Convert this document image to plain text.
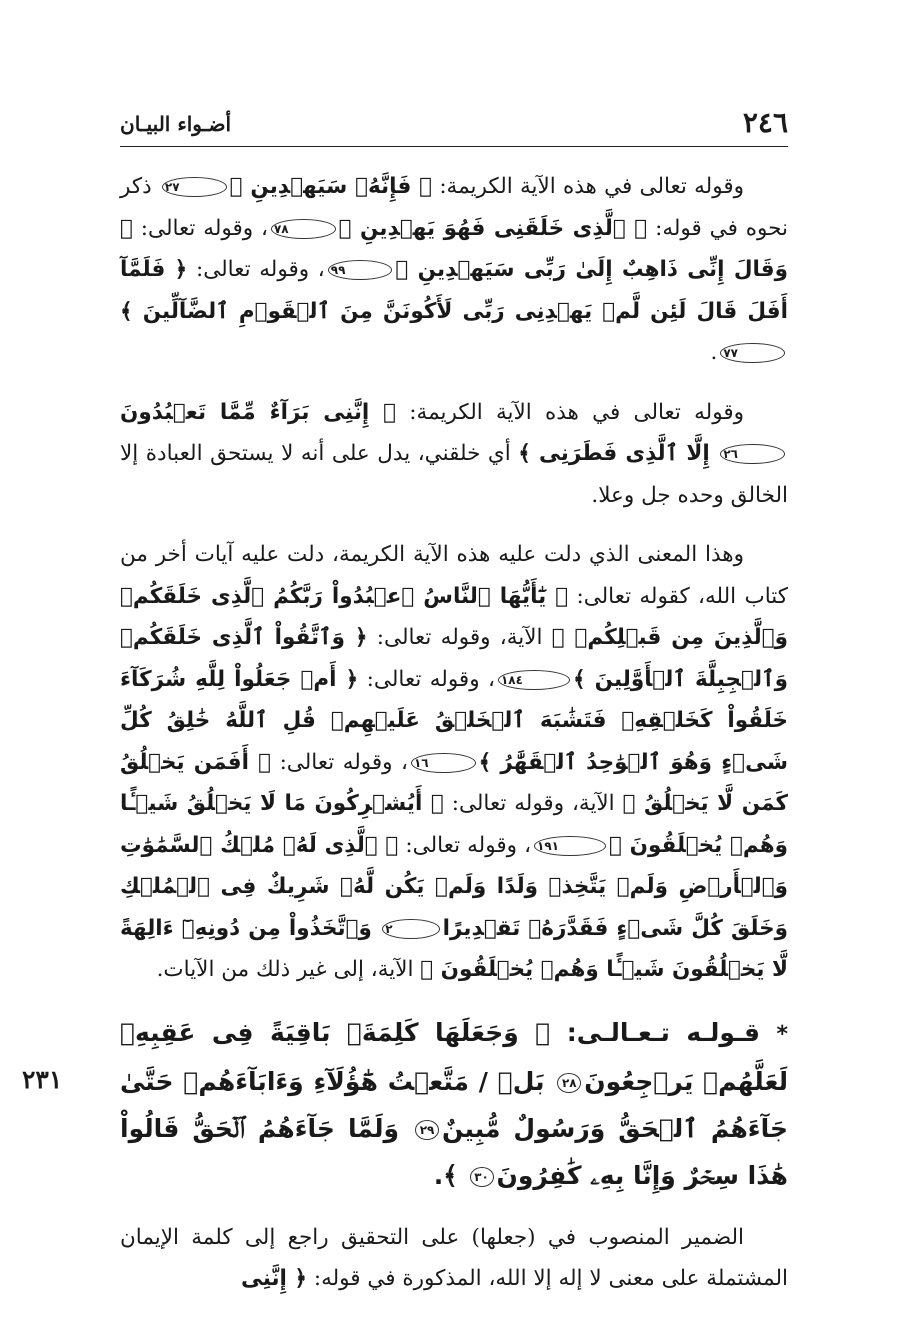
٢٤٦
أضـواء البيـان

وقوله تعالى في هذه الآية الكريمة: ﴿ فَإِنَّهُۥ سَيَهۡدِينِ ﴾٢٧ ذكر نحوه في قوله: ﴿ ٱلَّذِى خَلَقَنِى فَهُوَ يَهۡدِينِ ﴾٧٨، وقوله تعالى: ﴿ وَقَالَ إِنِّى ذَاهِبٌ إِلَىٰ رَبِّى سَيَهۡدِينِ ﴾٩٩، وقوله تعالى: ﴿ فَلَمَّآ أَفَلَ قَالَ لَئِن لَّمۡ يَهۡدِنِى رَبِّى لَأَكُونَنَّ مِنَ ٱلۡقَوۡمِ ٱلضَّآلِّينَ ﴾٧٧.

وقوله تعالى في هذه الآية الكريمة: ﴿ إِنَّنِى بَرَآءٌ مِّمَّا تَعۡبُدُونَ٢٦ إِلَّا ٱلَّذِى فَطَرَنِى ﴾ أي خلقني، يدل على أنه لا يستحق العبادة إلا الخالق وحده جل وعلا.

وهذا المعنى الذي دلت عليه هذه الآية الكريمة، دلت عليه آيات أخر من كتاب الله، كقوله تعالى: ﴿ يَٰٓأَيُّهَا ٱلنَّاسُ ٱعۡبُدُواْ رَبَّكُمُ ٱلَّذِى خَلَقَكُمۡ وَٱلَّذِينَ مِن قَبۡلِكُمۡ ﴾ الآية، وقوله تعالى: ﴿ وَٱتَّقُواْ ٱلَّذِى خَلَقَكُمۡ وَٱلۡجِبِلَّةَ ٱلۡأَوَّلِينَ ﴾١٨٤، وقوله تعالى: ﴿ أَمۡ جَعَلُواْ لِلَّهِ شُرَكَآءَ خَلَقُواْ كَخَلۡقِهِۦ فَتَشَٰبَهَ ٱلۡخَلۡقُ عَلَيۡهِمۡ قُلِ ٱللَّهُ خَٰلِقُ كُلِّ شَىۡءٍ وَهُوَ ٱلۡوَٰحِدُ ٱلۡقَهَّٰرُ ﴾١٦، وقوله تعالى: ﴿ أَفَمَن يَخۡلُقُ كَمَن لَّا يَخۡلُقُ ﴾ الآية، وقوله تعالى: ﴿ أَيُشۡرِكُونَ مَا لَا يَخۡلُقُ شَيۡـًٔا وَهُمۡ يُخۡلَقُونَ ﴾١٩١، وقوله تعالى: ﴿ ٱلَّذِى لَهُۥ مُلۡكُ ٱلسَّمَٰوَٰتِ وَٱلۡأَرۡضِ وَلَمۡ يَتَّخِذۡ وَلَدًا وَلَمۡ يَكُن لَّهُۥ شَرِيكٌ فِى ٱلۡمُلۡكِ وَخَلَقَ كُلَّ شَىۡءٍ فَقَدَّرَهُۥ تَقۡدِيرًا٢ وَٱتَّخَذُواْ مِن دُونِهِۦٓ ءَالِهَةً لَّا يَخۡلُقُونَ شَيۡـًٔا وَهُمۡ يُخۡلَقُونَ ﴾ الآية، إلى غير ذلك من الآيات.

* قـولـه تـعـالـى: ﴿ وَجَعَلَهَا كَلِمَةَۢ بَاقِيَةً فِى عَقِبِهِۦ لَعَلَّهُمۡ يَرۡجِعُونَ٢٨ بَلۡ / مَتَّعۡتُ هَٰٓؤُلَآءِ وَءَابَآءَهُمۡ حَتَّىٰ جَآءَهُمُ ٱلۡحَقُّ وَرَسُولٌ مُّبِينٌ٢٩ وَلَمَّا جَآءَهُمُ ٱلۡحَقُّ قَالُواْ هَٰذَا سِحۡرٌ وَإِنَّا بِهِۦ كَٰفِرُونَ٣٠ ﴾.
٢٣١

الضمير المنصوب في (جعلها) على التحقيق راجع إلى كلمة الإيمان المشتملة على معنى لا إله إلا الله، المذكورة في قوله: ﴿ إِنَّنِى
